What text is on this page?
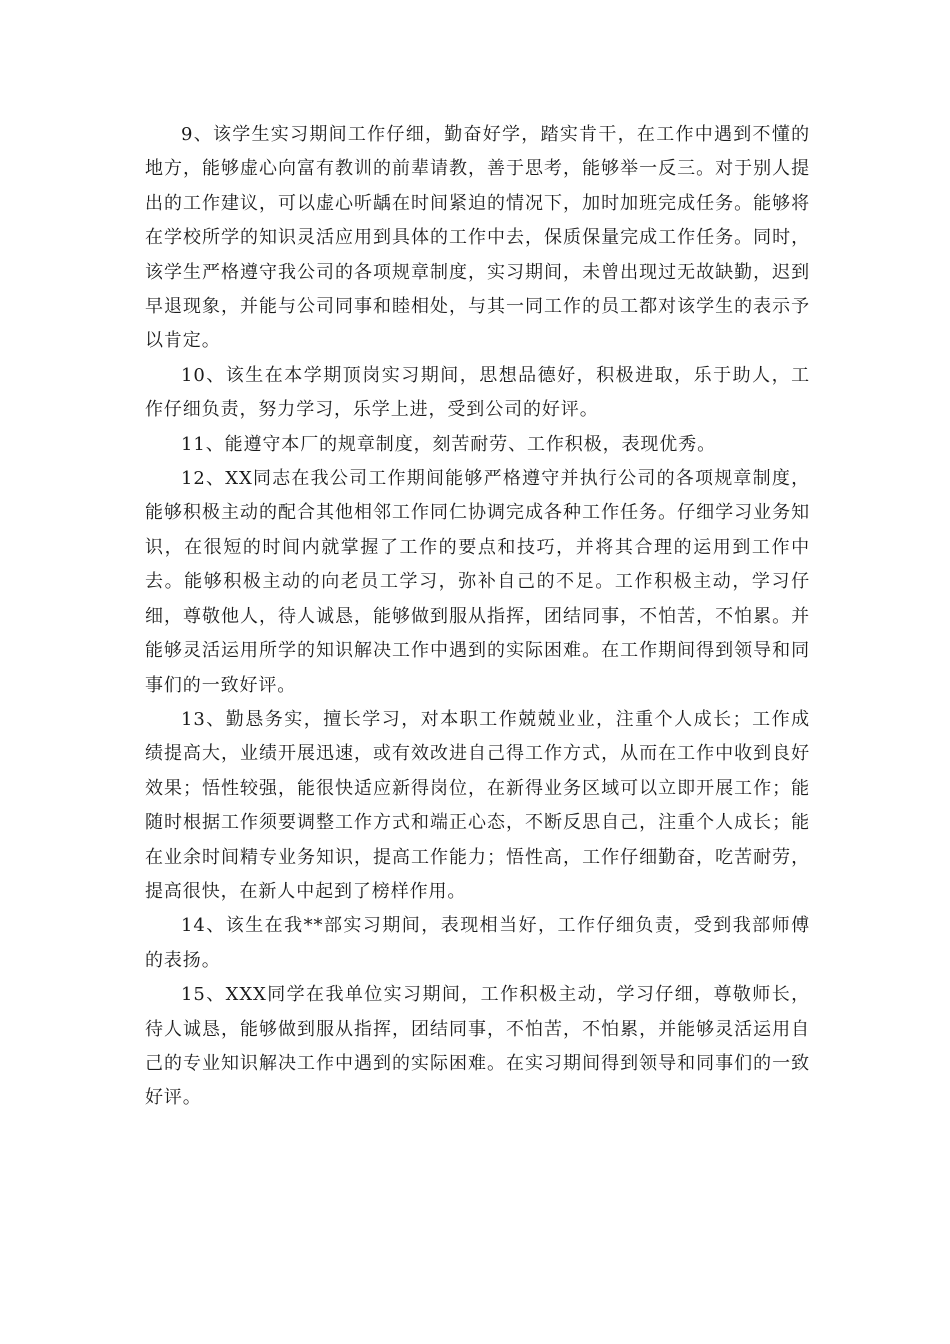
9、该学生实习期间工作仔细，勤奋好学，踏实肯干，在工作中遇到不懂的地方，能够虚心向富有教训的前辈请教，善于思考，能够举一反三。对于别人提出的工作建议，可以虚心听龋在时间紧迫的情况下，加时加班完成任务。能够将在学校所学的知识灵活应用到具体的工作中去，保质保量完成工作任务。同时，该学生严格遵守我公司的各项规章制度，实习期间，未曾出现过无故缺勤，迟到早退现象，并能与公司同事和睦相处，与其一同工作的员工都对该学生的表示予以肯定。

10、该生在本学期顶岗实习期间，思想品德好，积极进取，乐于助人，工作仔细负责，努力学习，乐学上进，受到公司的好评。

11、能遵守本厂的规章制度，刻苦耐劳、工作积极，表现优秀。

12、XX同志在我公司工作期间能够严格遵守并执行公司的各项规章制度，能够积极主动的配合其他相邻工作同仁协调完成各种工作任务。仔细学习业务知识，在很短的时间内就掌握了工作的要点和技巧，并将其合理的运用到工作中去。能够积极主动的向老员工学习，弥补自己的不足。工作积极主动，学习仔细，尊敬他人，待人诚恳，能够做到服从指挥，团结同事，不怕苦，不怕累。并能够灵活运用所学的知识解决工作中遇到的实际困难。在工作期间得到领导和同事们的一致好评。

13、勤恳务实，擅长学习，对本职工作兢兢业业，注重个人成长；工作成绩提高大，业绩开展迅速，或有效改进自己得工作方式，从而在工作中收到良好效果；悟性较强，能很快适应新得岗位，在新得业务区域可以立即开展工作；能随时根据工作须要调整工作方式和端正心态，不断反思自己，注重个人成长；能在业余时间精专业务知识，提高工作能力；悟性高，工作仔细勤奋，吃苦耐劳，提高很快，在新人中起到了榜样作用。

14、该生在我**部实习期间，表现相当好，工作仔细负责，受到我部师傅的表扬。

15、XXX同学在我单位实习期间，工作积极主动，学习仔细，尊敬师长，待人诚恳，能够做到服从指挥，团结同事，不怕苦，不怕累，并能够灵活运用自己的专业知识解决工作中遇到的实际困难。在实习期间得到领导和同事们的一致好评。
